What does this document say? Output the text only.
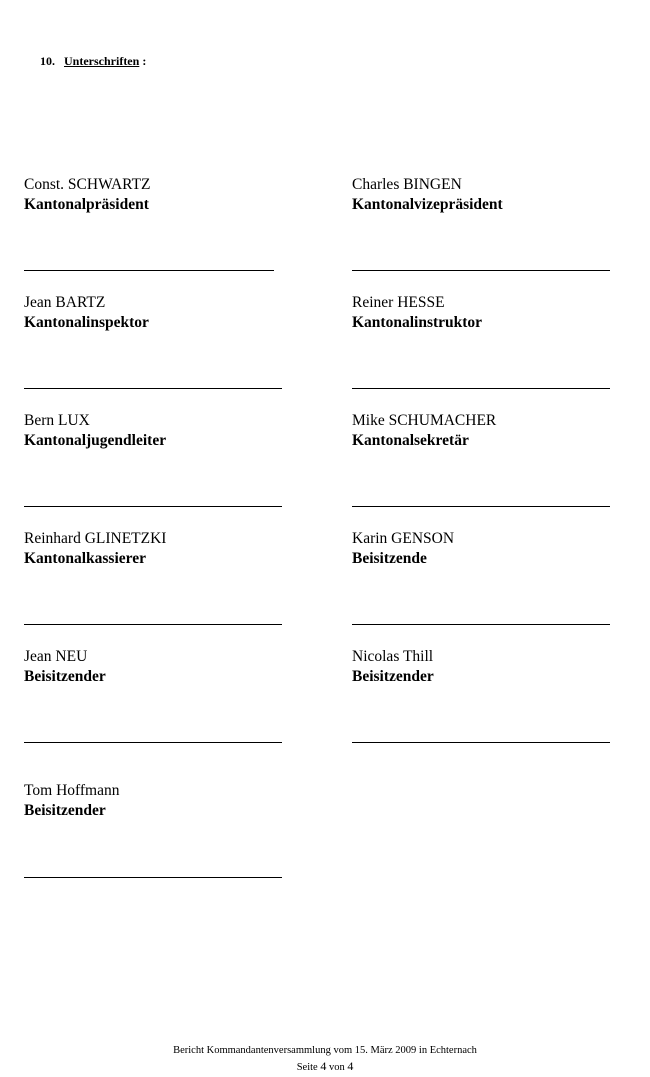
10. Unterschriften :
Const. SCHWARTZ
Kantonalpräsident
Charles BINGEN
Kantonalvizepräsident
Jean BARTZ
Kantonalinspektor
Reiner HESSE
Kantonalinstruktor
Bern LUX
Kantonaljugendleiter
Mike SCHUMACHER
Kantonalsekretär
Reinhard GLINETZKI
Kantonalkassierer
Karin GENSON
Beisitzende
Jean NEU
Beisitzender
Nicolas Thill
Beisitzender
Tom Hoffmann
Beisitzender
Bericht Kommandantenversammlung vom 15. März 2009 in Echternach
Seite 4 von 4
